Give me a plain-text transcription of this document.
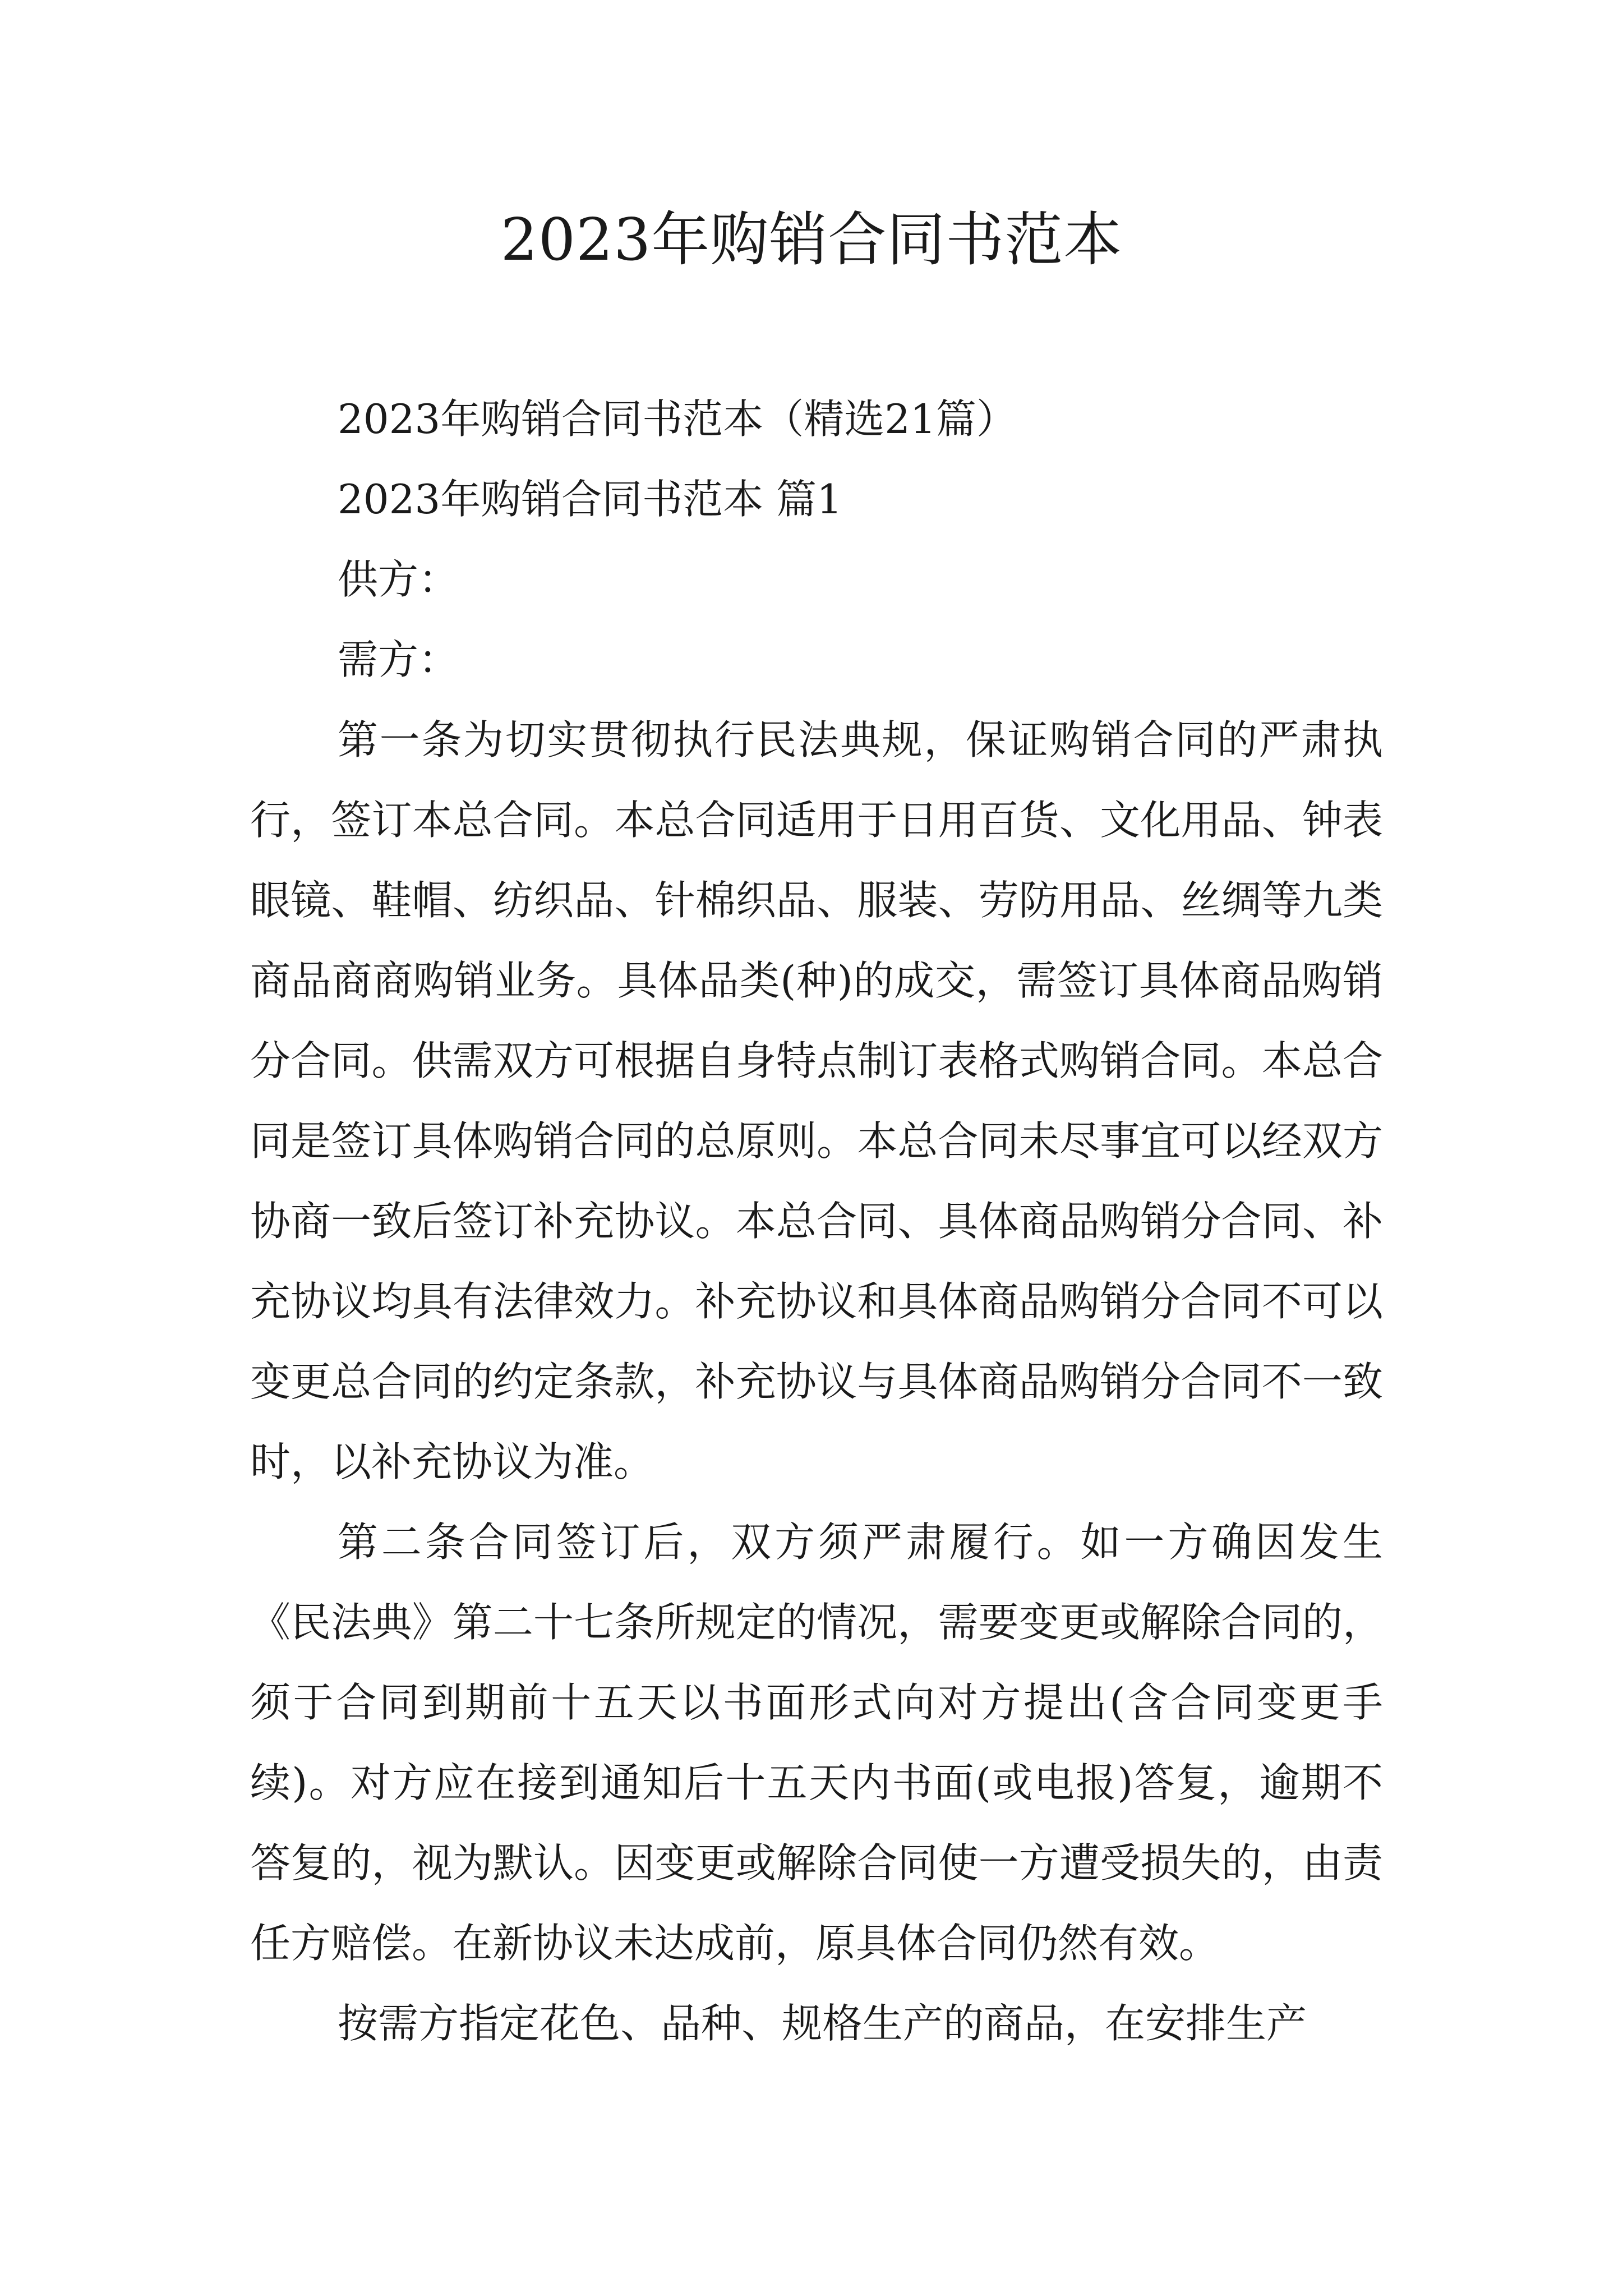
2023年购销合同书范本

2023年购销合同书范本（精选21篇）

2023年购销合同书范本 篇1

供方：

需方：

第一条为切实贯彻执行民法典规，保证购销合同的严肃执行，签订本总合同。本总合同适用于日用百货、文化用品、钟表眼镜、鞋帽、纺织品、针棉织品、服装、劳防用品、丝绸等九类商品商商购销业务。具体品类(种)的成交，需签订具体商品购销分合同。供需双方可根据自身特点制订表格式购销合同。本总合同是签订具体购销合同的总原则。本总合同未尽事宜可以经双方协商一致后签订补充协议。本总合同、具体商品购销分合同、补充协议均具有法律效力。补充协议和具体商品购销分合同不可以变更总合同的约定条款，补充协议与具体商品购销分合同不一致时，以补充协议为准。

第二条合同签订后，双方须严肃履行。如一方确因发生《民法典》第二十七条所规定的情况，需要变更或解除合同的，须于合同到期前十五天以书面形式向对方提出(含合同变更手续)。对方应在接到通知后十五天内书面(或电报)答复，逾期不答复的，视为默认。因变更或解除合同使一方遭受损失的，由责任方赔偿。在新协议未达成前，原具体合同仍然有效。

按需方指定花色、品种、规格生产的商品，在安排生产
